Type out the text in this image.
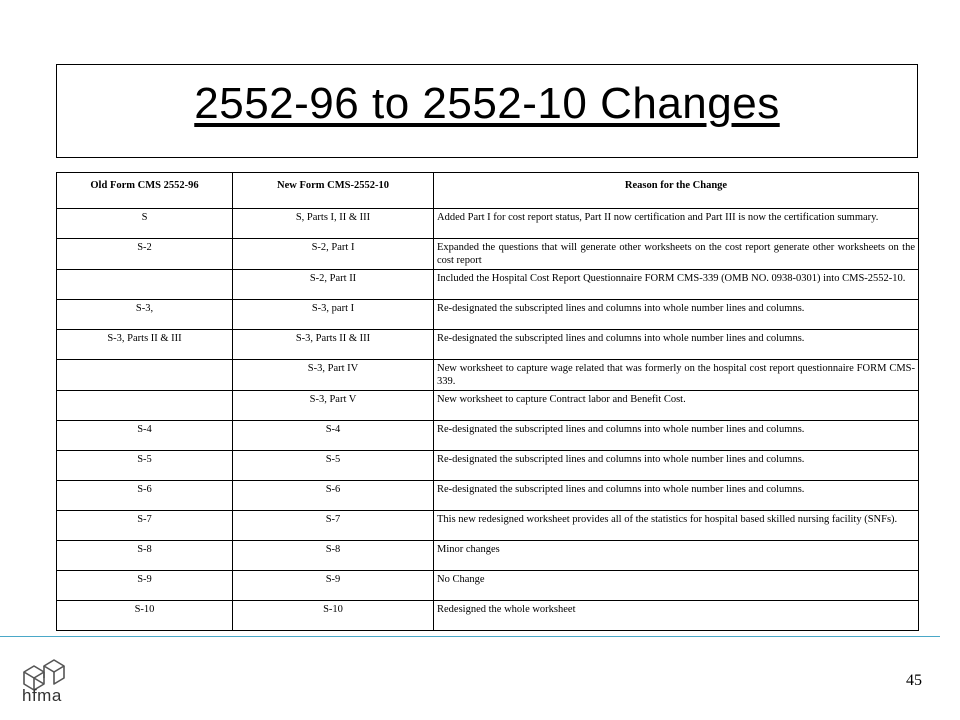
2552-96 to 2552-10 Changes
Old Form CMS 2552-96	New Form CMS-2552-10	Reason for the Change
S	S, Parts I, II & III	Added Part I for cost report status, Part II now certification and Part III is now the certification summary.
S-2	S-2, Part I	Expanded the questions that will generate other worksheets on the cost report generate other worksheets on the cost report
	S-2, Part II	Included the Hospital Cost Report Questionnaire FORM CMS-339 (OMB NO. 0938-0301) into CMS-2552-10.
S-3,	S-3, part I	Re-designated the subscripted lines and columns into whole number lines and columns.
S-3, Parts II & III	S-3, Parts II & III	Re-designated the subscripted lines and columns into whole number lines and columns.
	S-3, Part IV	New worksheet to capture wage related that was formerly on the hospital cost report questionnaire FORM CMS-339.
	S-3, Part V	New worksheet to capture Contract labor and Benefit Cost.
S-4	S-4	Re-designated the subscripted lines and columns into whole number lines and columns.
S-5	S-5	Re-designated the subscripted lines and columns into whole number lines and columns.
S-6	S-6	Re-designated the subscripted lines and columns into whole number lines and columns.
S-7	S-7	This new redesigned worksheet provides all of the statistics for hospital based skilled nursing facility (SNFs).
S-8	S-8	Minor changes
S-9	S-9	No Change
S-10	S-10	Redesigned the whole worksheet
hfma
45
